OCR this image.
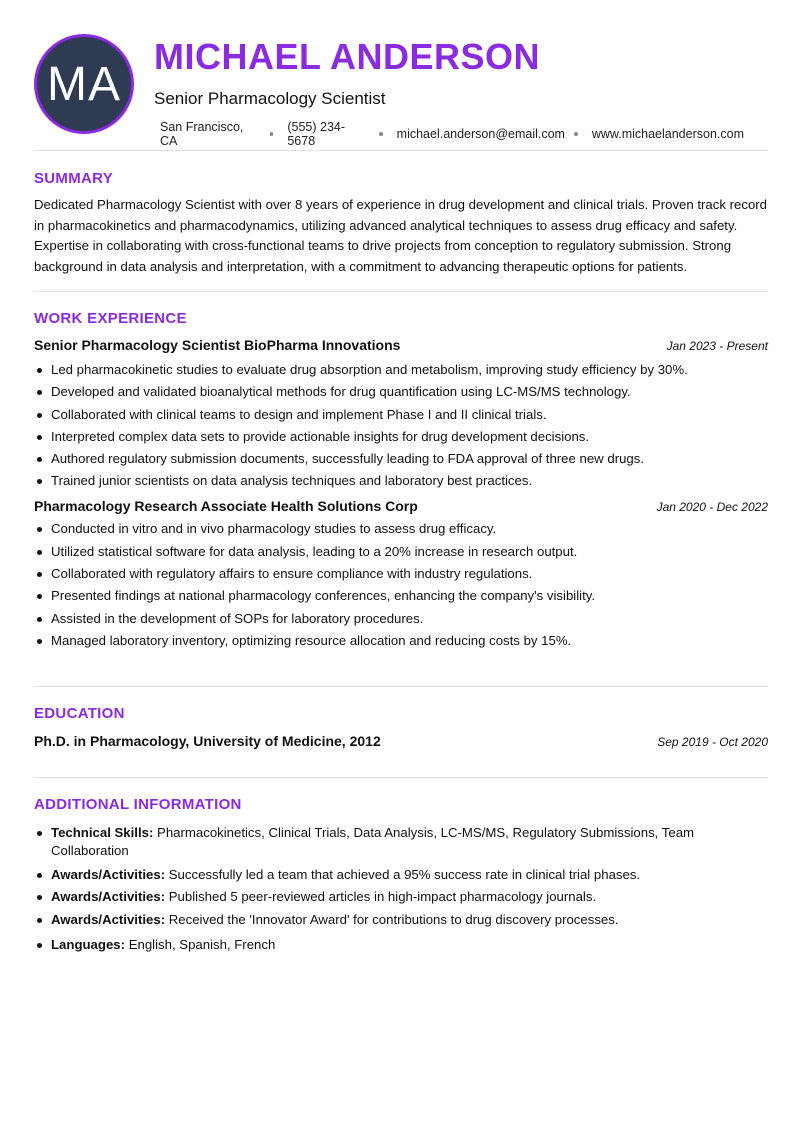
MA
MICHAEL ANDERSON
Senior Pharmacology Scientist
San Francisco, CA
(555) 234-5678	michael.anderson@email.com www.michaelanderson.com
SUMMARY

Dedicated Pharmacology Scientist with over 8 years of experience in drug development and clinical trials. Proven track record in pharmacokinetics and pharmacodynamics, utilizing advanced analytical techniques to assess drug efficacy and safety. Expertise in collaborating with cross-functional teams to drive projects from conception to regulatory submission. Strong background in data analysis and interpretation, with a commitment to advancing therapeutic options for patients.

WORK EXPERIENCE
Senior Pharmacology Scientist BioPharma Innovations	Jan 2023 - Present
Led pharmacokinetic studies to evaluate drug absorption and metabolism, improving study efficiency by 30%.
Developed and validated bioanalytical methods for drug quantification using LC-MS/MS technology.
Collaborated with clinical teams to design and implement Phase I and II clinical trials.
Interpreted complex data sets to provide actionable insights for drug development decisions.
Authored regulatory submission documents, successfully leading to FDA approval of three new drugs.
Trained junior scientists on data analysis techniques and laboratory best practices.
Pharmacology Research Associate Health Solutions Corp	Jan 2020 - Dec 2022
Conducted in vitro and in vivo pharmacology studies to assess drug efficacy.
Utilized statistical software for data analysis, leading to a 20% increase in research output.
Collaborated with regulatory affairs to ensure compliance with industry regulations.
Presented findings at national pharmacology conferences, enhancing the company's visibility.
Assisted in the development of SOPs for laboratory procedures.
Managed laboratory inventory, optimizing resource allocation and reducing costs by 15%.
EDUCATION
Ph.D. in Pharmacology, University of Medicine, 2012	Sep 2019 - Oct 2020
ADDITIONAL INFORMATION
Technical Skills: Pharmacokinetics, Clinical Trials, Data Analysis, LC-MS/MS, Regulatory Submissions, Team Collaboration
Awards/Activities: Successfully led a team that achieved a 95% success rate in clinical trial phases.
Awards/Activities: Published 5 peer-reviewed articles in high-impact pharmacology journals.
Awards/Activities: Received the 'Innovator Award' for contributions to drug discovery processes.
Languages: English, Spanish, French
